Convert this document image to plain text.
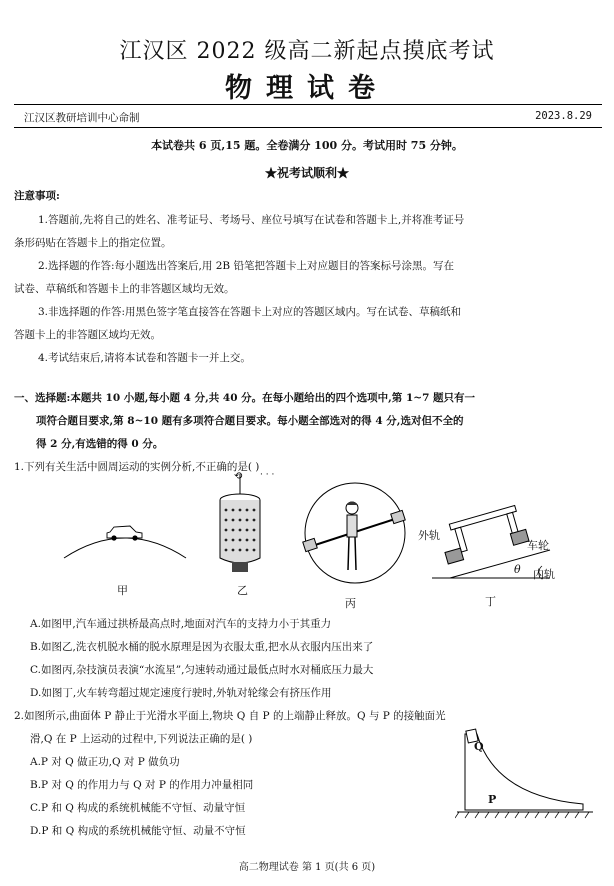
江汉区 2022 级高二新起点摸底考试
物理试卷
江汉区教研培训中心命制	2023.8.29
本试卷共 6 页,15 题。全卷满分 100 分。考试用时 75 分钟。
★祝考试顺利★
注意事项:
1.答题前,先将自己的姓名、准考证号、考场号、座位号填写在试卷和答题卡上,并将准考证号
条形码贴在答题卡上的指定位置。
2.选择题的作答:每小题选出答案后,用 2B 铅笔把答题卡上对应题目的答案标号涂黑。写在
试卷、草稿纸和答题卡上的非答题区域均无效。
3.非选择题的作答:用黑色签字笔直接答在答题卡上对应的答题区域内。写在试卷、草稿纸和
答题卡上的非答题区域均无效。
4.考试结束后,请将本试卷和答题卡一并上交。
一、选择题:本题共 10 小题,每小题 4 分,共 40 分。在每小题给出的四个选项中,第 1~7 题只有一
项符合题目要求,第 8~10 题有多项符合题目要求。每小题全部选对的得 4 分,选对但不全的
得 2 分,有选错的得 0 分。
1.下列有关生活中圆周运动的实例分析,不正确的是( )
甲
⟲
乙
· · ·
丙
外轨
车轮
内轨
θ
丁
A.如图甲,汽车通过拱桥最高点时,地面对汽车的支持力小于其重力
B.如图乙,洗衣机脱水桶的脱水原理是因为衣服太重,把水从衣服内压出来了
C.如图丙,杂技演员表演“水流星”,匀速转动通过最低点时水对桶底压力最大
D.如图丁,火车转弯超过规定速度行驶时,外轨对轮缘会有挤压作用
2.如图所示,曲面体 P 静止于光滑水平面上,物块 Q 自 P 的上端静止释放。Q 与 P 的接触面光
滑,Q 在 P 上运动的过程中,下列说法正确的是( )
Q
P
A.P 对 Q 做正功,Q 对 P 做负功
B.P 对 Q 的作用力与 Q 对 P 的作用力冲量相同
C.P 和 Q 构成的系统机械能不守恒、动量守恒
D.P 和 Q 构成的系统机械能守恒、动量不守恒
高二物理试卷 第 1 页(共 6 页)
